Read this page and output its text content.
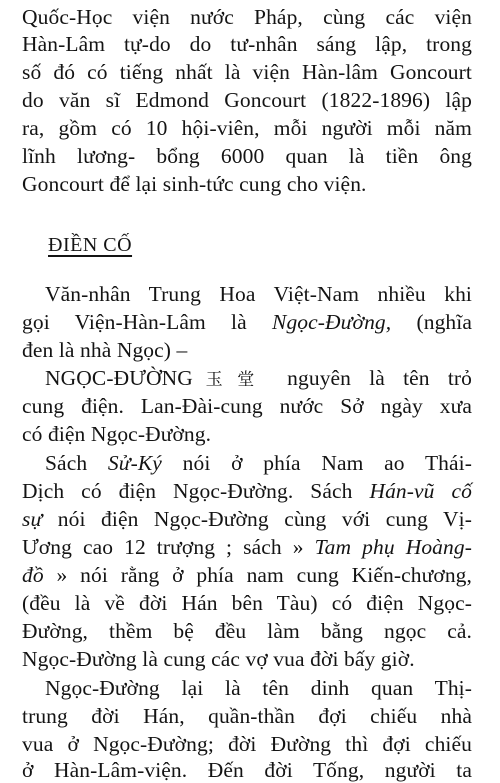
Quốc-Học viện nước Pháp, cùng các viện
Hàn-Lâm tự-do do tư-nhân sáng lập, trong
số đó có tiếng nhất là viện Hàn-lâm Goncourt
do văn sĩ Edmond Goncourt (1822-1896) lập
ra, gồm có 10 hội-viên, mỗi người mỗi năm
lĩnh lương- bổng 6000 quan là tiền ông
Goncourt để lại sinh-tức cung cho viện.
ĐIỀN CỐ
Văn-nhân Trung Hoa Việt-Nam nhiều khi
gọi Viện-Hàn-Lâm là Ngọc-Đường, (nghĩa
đen là nhà Ngọc) –
NGỌC-ĐƯỜNG玉堂 nguyên là tên trỏ
cung điện. Lan-Đài-cung nước Sở ngày xưa
có điện Ngọc-Đường.
Sách Sử-Ký nói ở phía Nam ao Thái-
Dịch có điện Ngọc-Đường. Sách Hán-vũ cố
sự nói điện Ngọc-Đường cùng với cung Vị-
Ương cao 12 trượng ; sách » Tam phụ Hoàng-
đồ » nói rằng ở phía nam cung Kiến-chương,
(đều là về đời Hán bên Tàu) có điện Ngọc-
Đường, thềm bệ đều làm bằng ngọc cả.
Ngọc-Đường là cung các vợ vua đời bấy giờ.
Ngọc-Đường lại là tên dinh quan Thị-
trung đời Hán, quần-thần đợi chiếu nhà
vua ở Ngọc-Đường; đời Đường thì đợi chiếu
ở Hàn-Lâm-viện. Đến đời Tống, người ta
